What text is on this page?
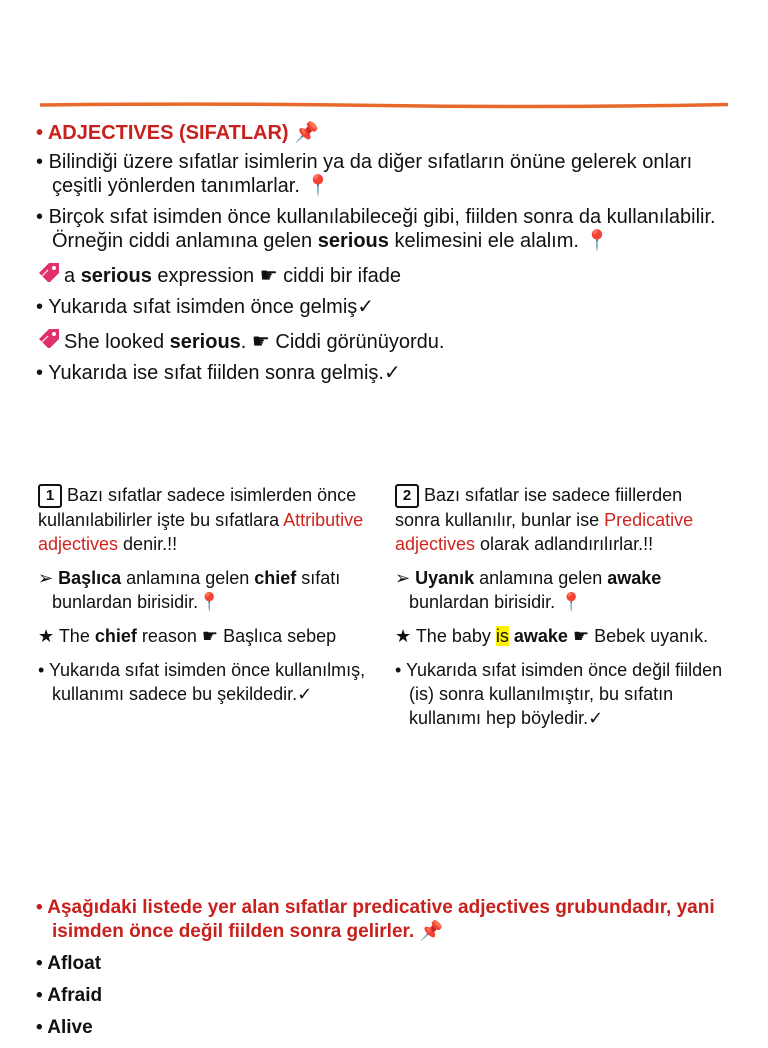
• ADJECTIVES (SIFATLAR) 📌

• Bilindiği üzere sıfatlar isimlerin ya da diğer sıfatların önüne gelerek onları çeşitli yönlerden tanımlarlar. 📍

• Birçok sıfat isimden önce kullanılabileceği gibi, fiilden sonra da kullanılabilir. Örneğin ciddi anlamına gelen serious kelimesini ele alalım. 📍

a serious expression ☛ ciddi bir ifade

• Yukarıda sıfat isimden önce gelmiş✓

She looked serious. ☛ Ciddi görünüyordu.

• Yukarıda ise sıfat fiilden sonra gelmiş.✓

1 Bazı sıfatlar sadece isimlerden önce kullanılabilirler işte bu sıfatlara Attributive adjectives denir.!!

➢ Başlıca anlamına gelen chief sıfatı bunlardan birisidir.📍

★ The chief reason ☛ Başlıca sebep

• Yukarıda sıfat isimden önce kullanılmış, kullanımı sadece bu şekildedir.✓

2 Bazı sıfatlar ise sadece fiillerden sonra kullanılır, bunlar ise Predicative adjectives olarak adlandırılırlar.!!

➢ Uyanık anlamına gelen awake bunlardan birisidir. 📍

★ The baby is awake ☛ Bebek uyanık.

• Yukarıda sıfat isimden önce değil fiilden (is) sonra kullanılmıştır, bu sıfatın kullanımı hep böyledir.✓

• Aşağıdaki listede yer alan sıfatlar predicative adjectives grubundadır, yani isimden önce değil fiilden sonra gelirler. 📌

• Afloat

• Afraid

• Alive
